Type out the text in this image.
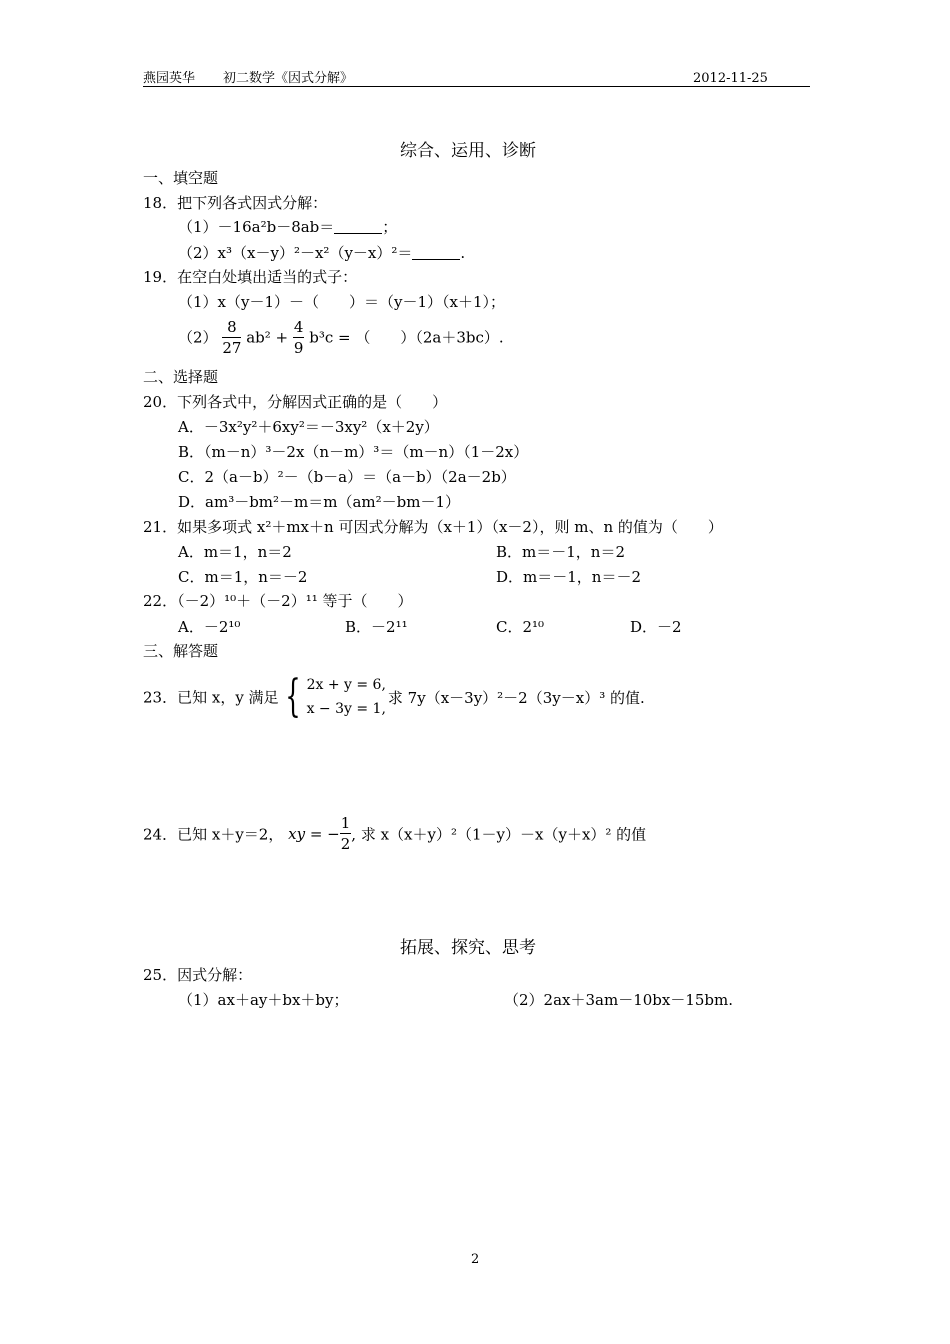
燕园英华 初二数学《因式分解》	2012-11-25
综合、运用、诊断
一、填空题
18．把下列各式因式分解：
（1）－16a²b－8ab＝	；
（2）x³（x－y）²－x²（y－x）²＝	.
19．在空白处填出适当的式子：
（1）x（y－1）－（　　）＝（y－1）（x＋1）；
$(2) \frac{8}{27} ab^2 + \frac{4}{9} b^3c$ = （　　）（2a＋3bc）.
二、选择题
20．下列各式中，分解因式正确的是（　　）
A．－3x²y²＋6xy²＝－3xy²（x＋2y）
B．（m－n）³－2x（n－m）³＝（m－n）（1－2x）
C．2（a－b）²－（b－a）＝（a－b）（2a－2b）
D．am³－bm²－m＝m（am²－bm－1）
21．如果多项式 x²＋mx＋n 可因式分解为（x＋1）（x－2），则 m、n 的值为（　　）
A．m＝1，n＝2	B．m＝－1，n＝2
C．m＝1，n＝－2	D．m＝－1，n＝－2
22．（－2）¹⁰＋（－2）¹¹ 等于（　　）
A．－2¹⁰	B．－2¹¹	C．2¹⁰	D．－2
三、解答题
23．已知 x，y 满足 { 2x + y = 6,
x − 3y = 1,
求 7y（x－3y）²－2（3y－x）³ 的值.
24．已知 x＋y＝2， xy = − $\frac{1}{2}$ , 求 x（x＋y）²（1－y）－x（y＋x）² 的值
拓展、探究、思考
25．因式分解：
（1）ax＋ay＋bx＋by；	（2）2ax＋3am－10bx－15bm.
2
